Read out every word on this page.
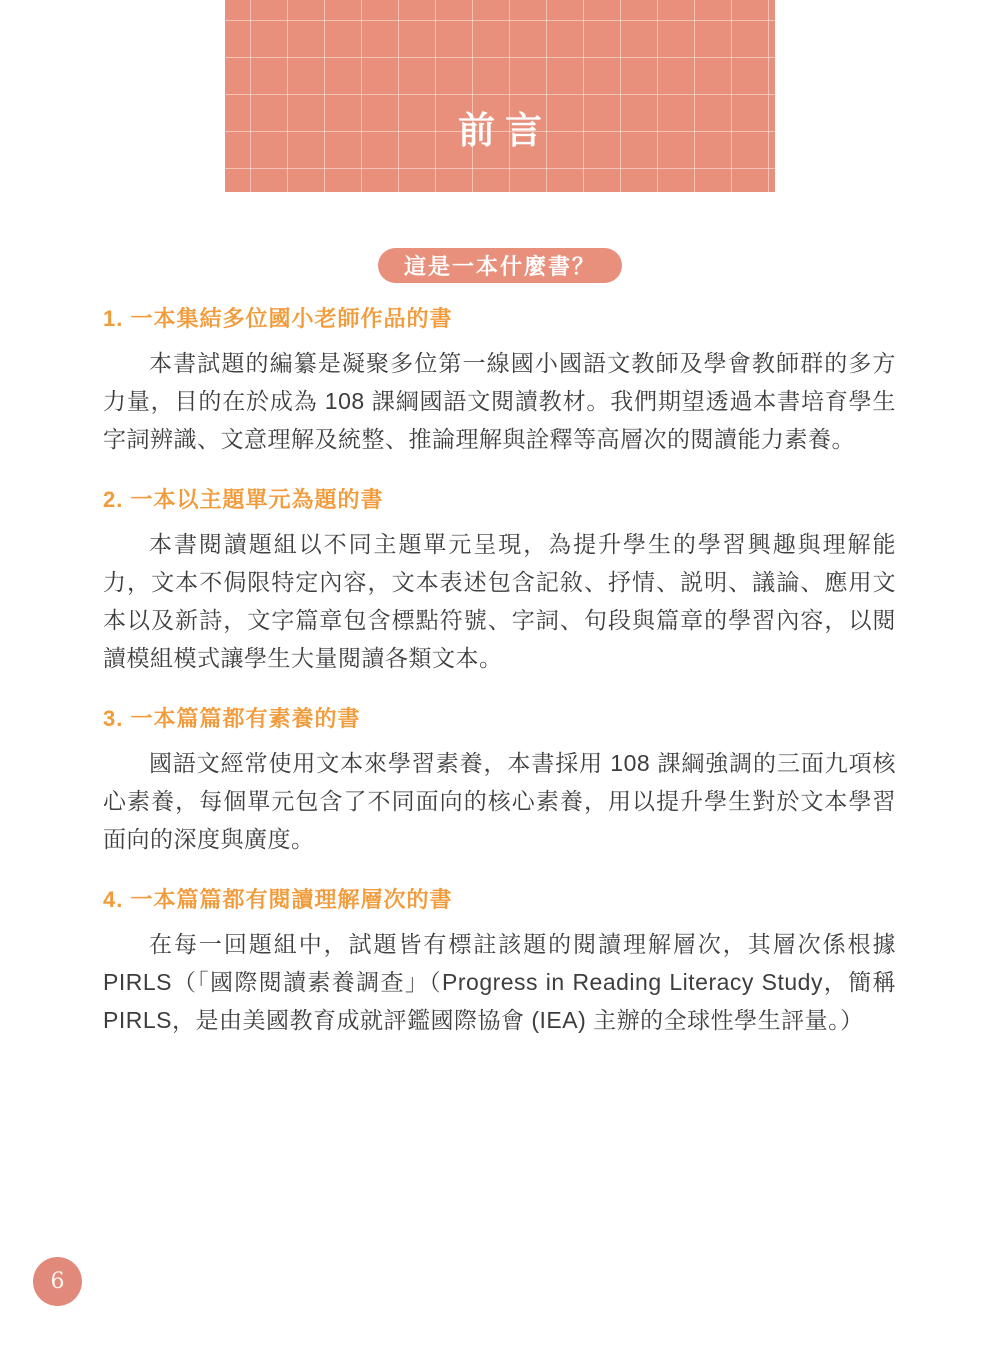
前言
這是一本什麼書？
1. 一本集結多位國小老師作品的書

本書試題的編纂是凝聚多位第一線國小國語文教師及學會教師群的多方力量，目的在於成為 108 課綱國語文閱讀教材。我們期望透過本書培育學生字詞辨識、文意理解及統整、推論理解與詮釋等高層次的閱讀能力素養。

2. 一本以主題單元為題的書

本書閱讀題組以不同主題單元呈現，為提升學生的學習興趣與理解能力，文本不侷限特定內容，文本表述包含記敘、抒情、説明、議論、應用文本以及新詩，文字篇章包含標點符號、字詞、句段與篇章的學習內容，以閱讀模組模式讓學生大量閱讀各類文本。

3. 一本篇篇都有素養的書

國語文經常使用文本來學習素養，本書採用 108 課綱強調的三面九項核心素養，每個單元包含了不同面向的核心素養，用以提升學生對於文本學習面向的深度與廣度。

4. 一本篇篇都有閱讀理解層次的書

在每一回題組中，試題皆有標註該題的閱讀理解層次，其層次係根據 PIRLS（「國際閱讀素養調查」（Progress in Reading Literacy Study，簡稱 PIRLS，是由美國教育成就評鑑國際協會 (IEA) 主辦的全球性學生評量。）

6
